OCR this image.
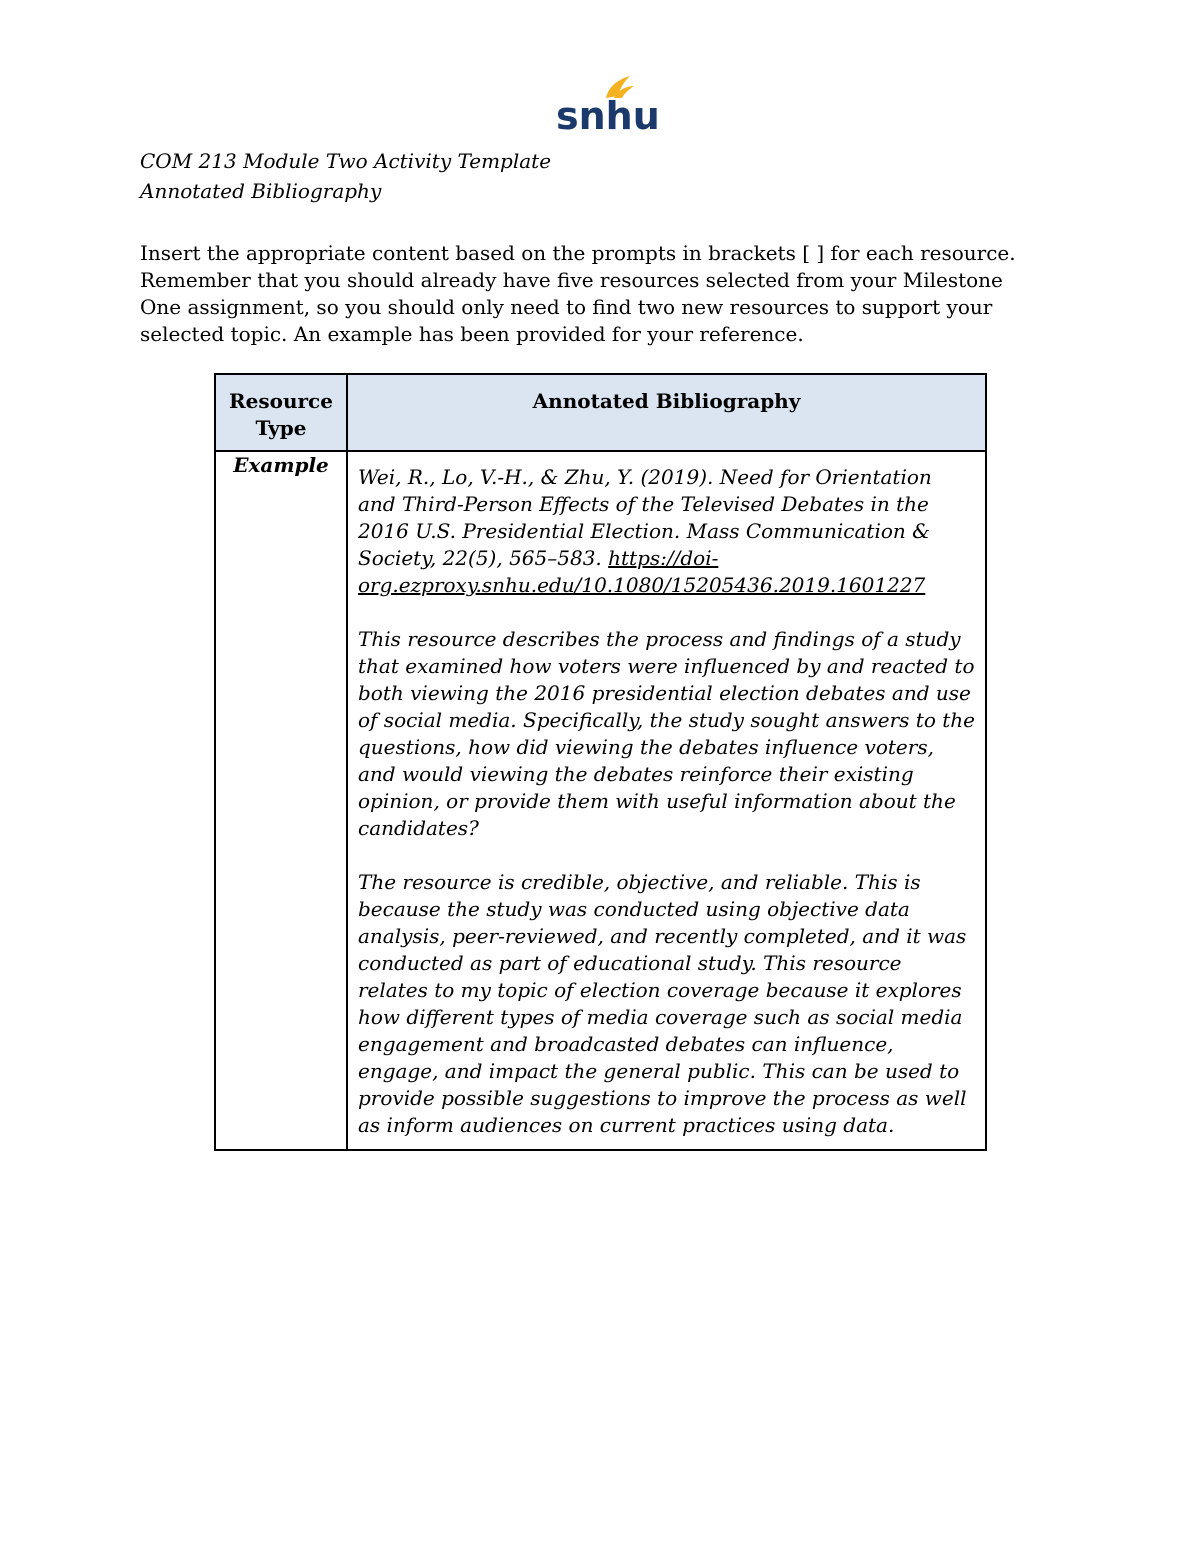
snhu
COM 213 Module Two Activity Template
Annotated Bibliography
Insert the appropriate content based on the prompts in brackets [ ] for each resource. Remember that you should already have five resources selected from your Milestone One assignment, so you should only need to find two new resources to support your selected topic. An example has been provided for your reference.
Resource Type	Annotated Bibliography
Example	Wei, R., Lo, V.-H., & Zhu, Y. (2019). Need for Orientation and Third-Person Effects of the Televised Debates in the 2016 U.S. Presidential Election. Mass Communication & Society, 22(5), 565–583. https://doi-org.ezproxy.snhu.edu/10.1080/15205436.2019.1601227

This resource describes the process and findings of a study that examined how voters were influenced by and reacted to both viewing the 2016 presidential election debates and use of social media. Specifically, the study sought answers to the questions, how did viewing the debates influence voters, and would viewing the debates reinforce their existing opinion, or provide them with useful information about the candidates?

The resource is credible, objective, and reliable. This is because the study was conducted using objective data analysis, peer-reviewed, and recently completed, and it was conducted as part of educational study. This resource relates to my topic of election coverage because it explores how different types of media coverage such as social media engagement and broadcasted debates can influence, engage, and impact the general public. This can be used to provide possible suggestions to improve the process as well as inform audiences on current practices using data.
